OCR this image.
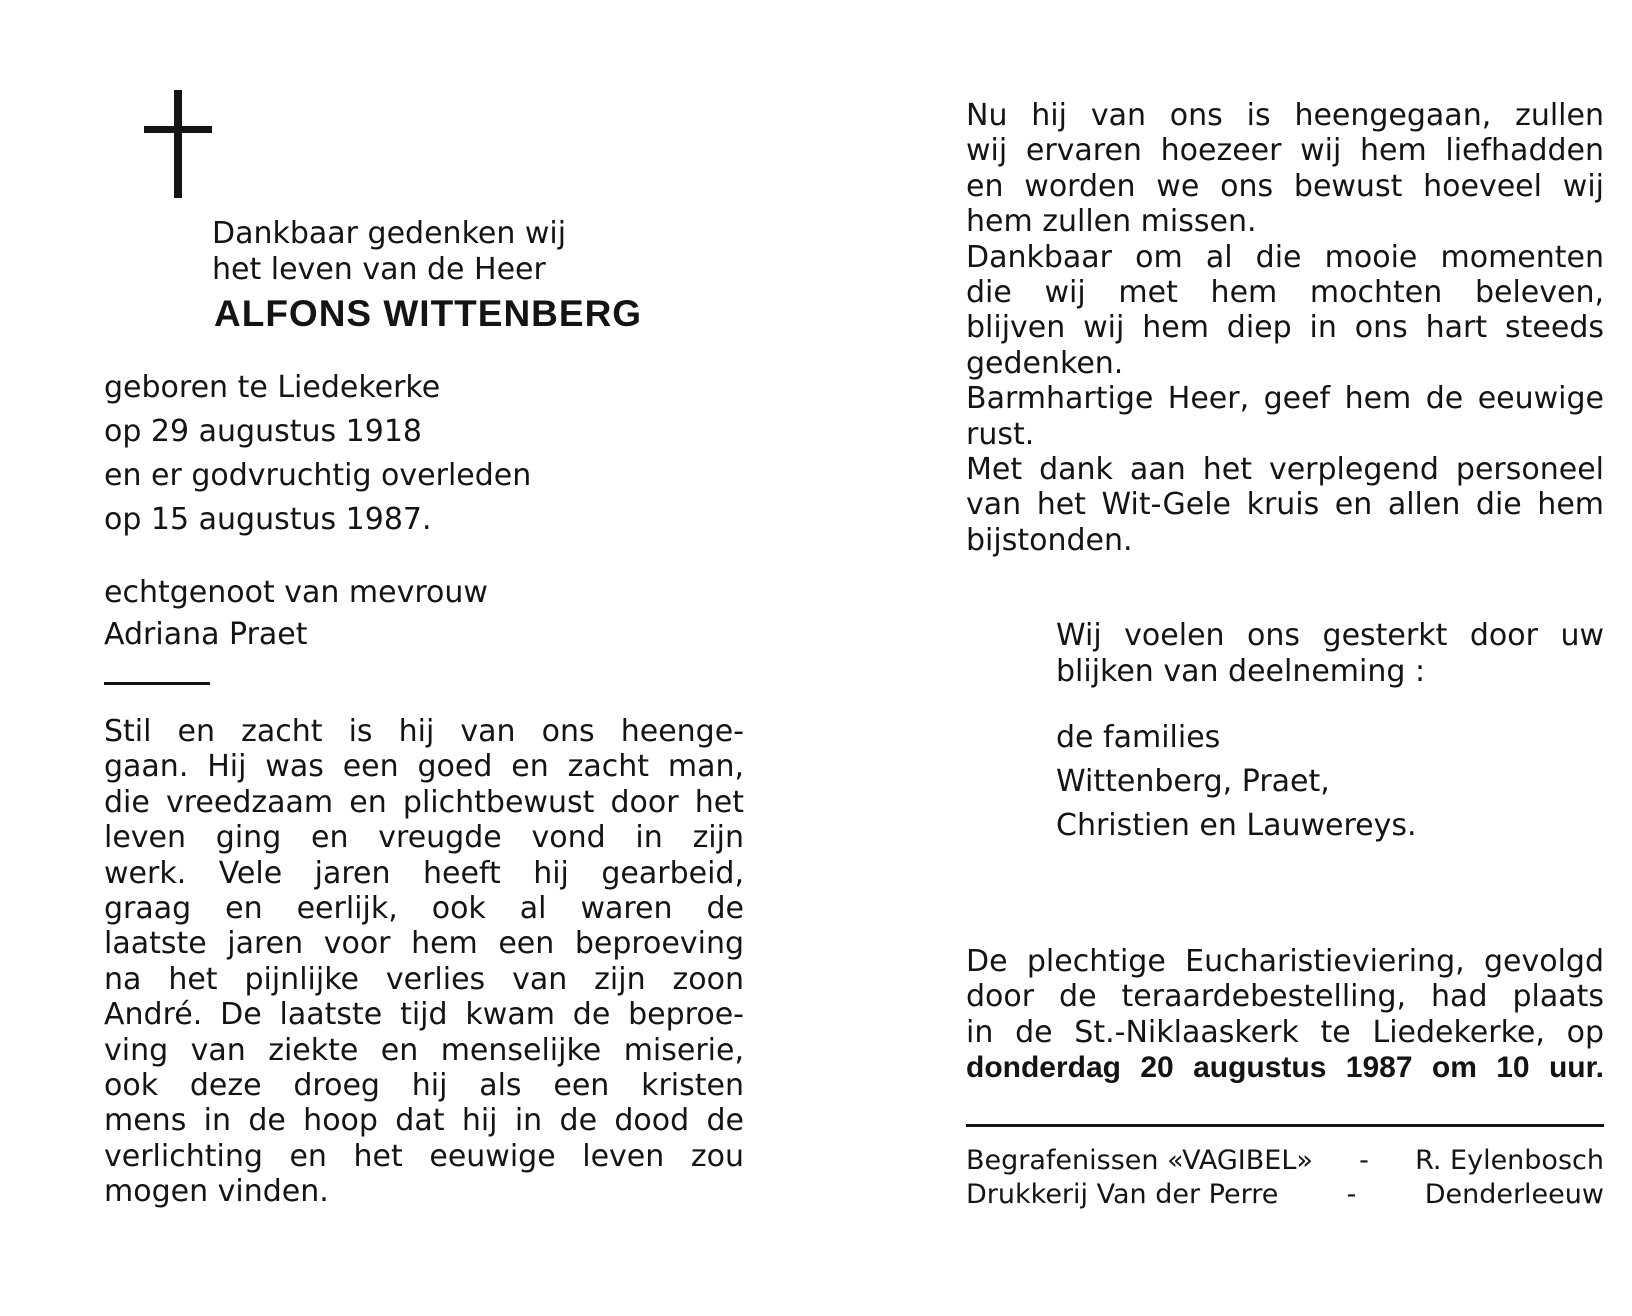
Dankbaar gedenken wij
het leven van de Heer
ALFONS WITTENBERG
geboren te Liedekerke
op 29 augustus 1918
en er godvruchtig overleden
op 15 augustus 1987.
echtgenoot van mevrouw
Adriana Praet
Stil en zacht is hij van ons heenge-
gaan. Hij was een goed en zacht man,
die vreedzaam en plichtbewust door het
leven ging en vreugde vond in zijn
werk. Vele jaren heeft hij gearbeid,
graag en eerlijk, ook al waren de
laatste jaren voor hem een beproeving
na het pijnlijke verlies van zijn zoon
André. De laatste tijd kwam de beproe-
ving van ziekte en menselijke miserie,
ook deze droeg hij als een kristen
mens in de hoop dat hij in de dood de
verlichting en het eeuwige leven zou
mogen vinden.
Nu hij van ons is heengegaan, zullen
wij ervaren hoezeer wij hem liefhadden
en worden we ons bewust hoeveel wij
hem zullen missen.
Dankbaar om al die mooie momenten
die wij met hem mochten beleven,
blijven wij hem diep in ons hart steeds
gedenken.
Barmhartige Heer, geef hem de eeuwige
rust.
Met dank aan het verplegend personeel
van het Wit-Gele kruis en allen die hem
bijstonden.
Wij voelen ons gesterkt door uw
blijken van deelneming :
de families
Wittenberg, Praet,
Christien en Lauwereys.
De plechtige Eucharistieviering, gevolgd
door de teraardebestelling, had plaats
in de St.-Niklaaskerk te Liedekerke, op
donderdag 20 augustus 1987 om 10 uur.
Begrafenissen «VAGIBEL» - R. Eylenbosch
Drukkerij Van der Perre	-	Denderleeuw
